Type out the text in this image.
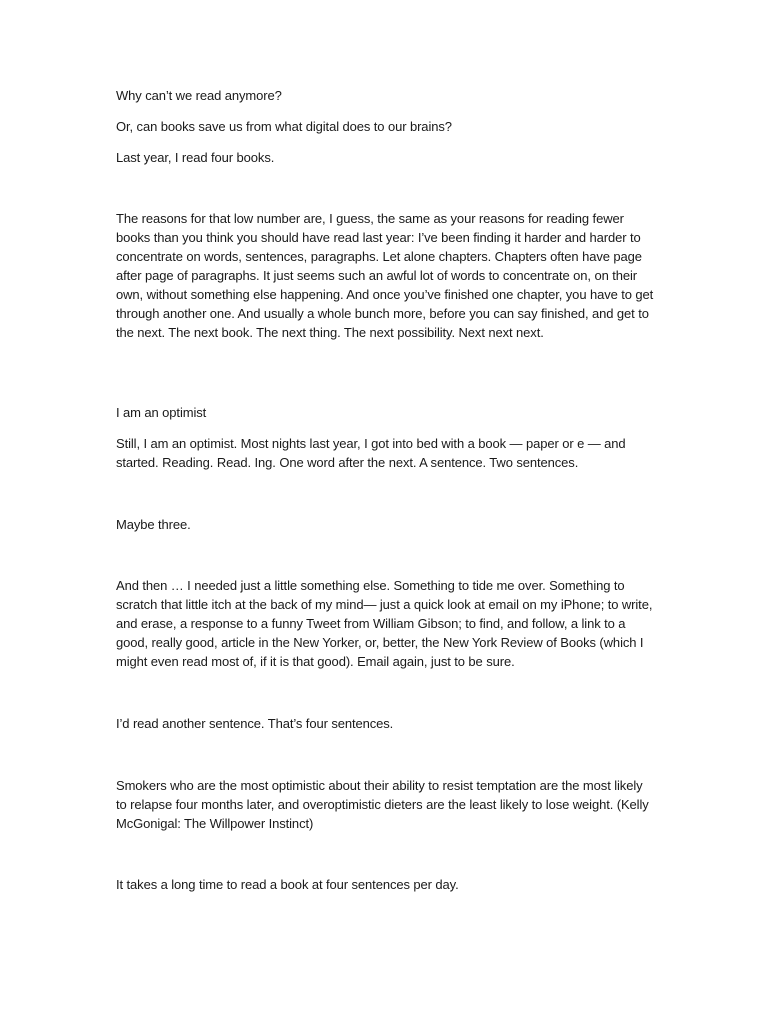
Why can’t we read anymore?

Or, can books save us from what digital does to our brains?

Last year, I read four books.

The reasons for that low number are, I guess, the same as your reasons for reading fewer books than you think you should have read last year: I’ve been finding it harder and harder to concentrate on words, sentences, paragraphs. Let alone chapters. Chapters often have page after page of paragraphs. It just seems such an awful lot of words to concentrate on, on their own, without something else happening. And once you’ve finished one chapter, you have to get through another one. And usually a whole bunch more, before you can say finished, and get to the next. The next book. The next thing. The next possibility. Next next next.

I am an optimist

Still, I am an optimist. Most nights last year, I got into bed with a book — paper or e — and started. Reading. Read. Ing. One word after the next. A sentence. Two sentences.

Maybe three.

And then … I needed just a little something else. Something to tide me over. Something to scratch that little itch at the back of my mind— just a quick look at email on my iPhone; to write, and erase, a response to a funny Tweet from William Gibson; to find, and follow, a link to a good, really good, article in the New Yorker, or, better, the New York Review of Books (which I might even read most of, if it is that good). Email again, just to be sure.

I’d read another sentence. That’s four sentences.

Smokers who are the most optimistic about their ability to resist temptation are the most likely to relapse four months later, and overoptimistic dieters are the least likely to lose weight. (Kelly McGonigal: The Willpower Instinct)

It takes a long time to read a book at four sentences per day.
